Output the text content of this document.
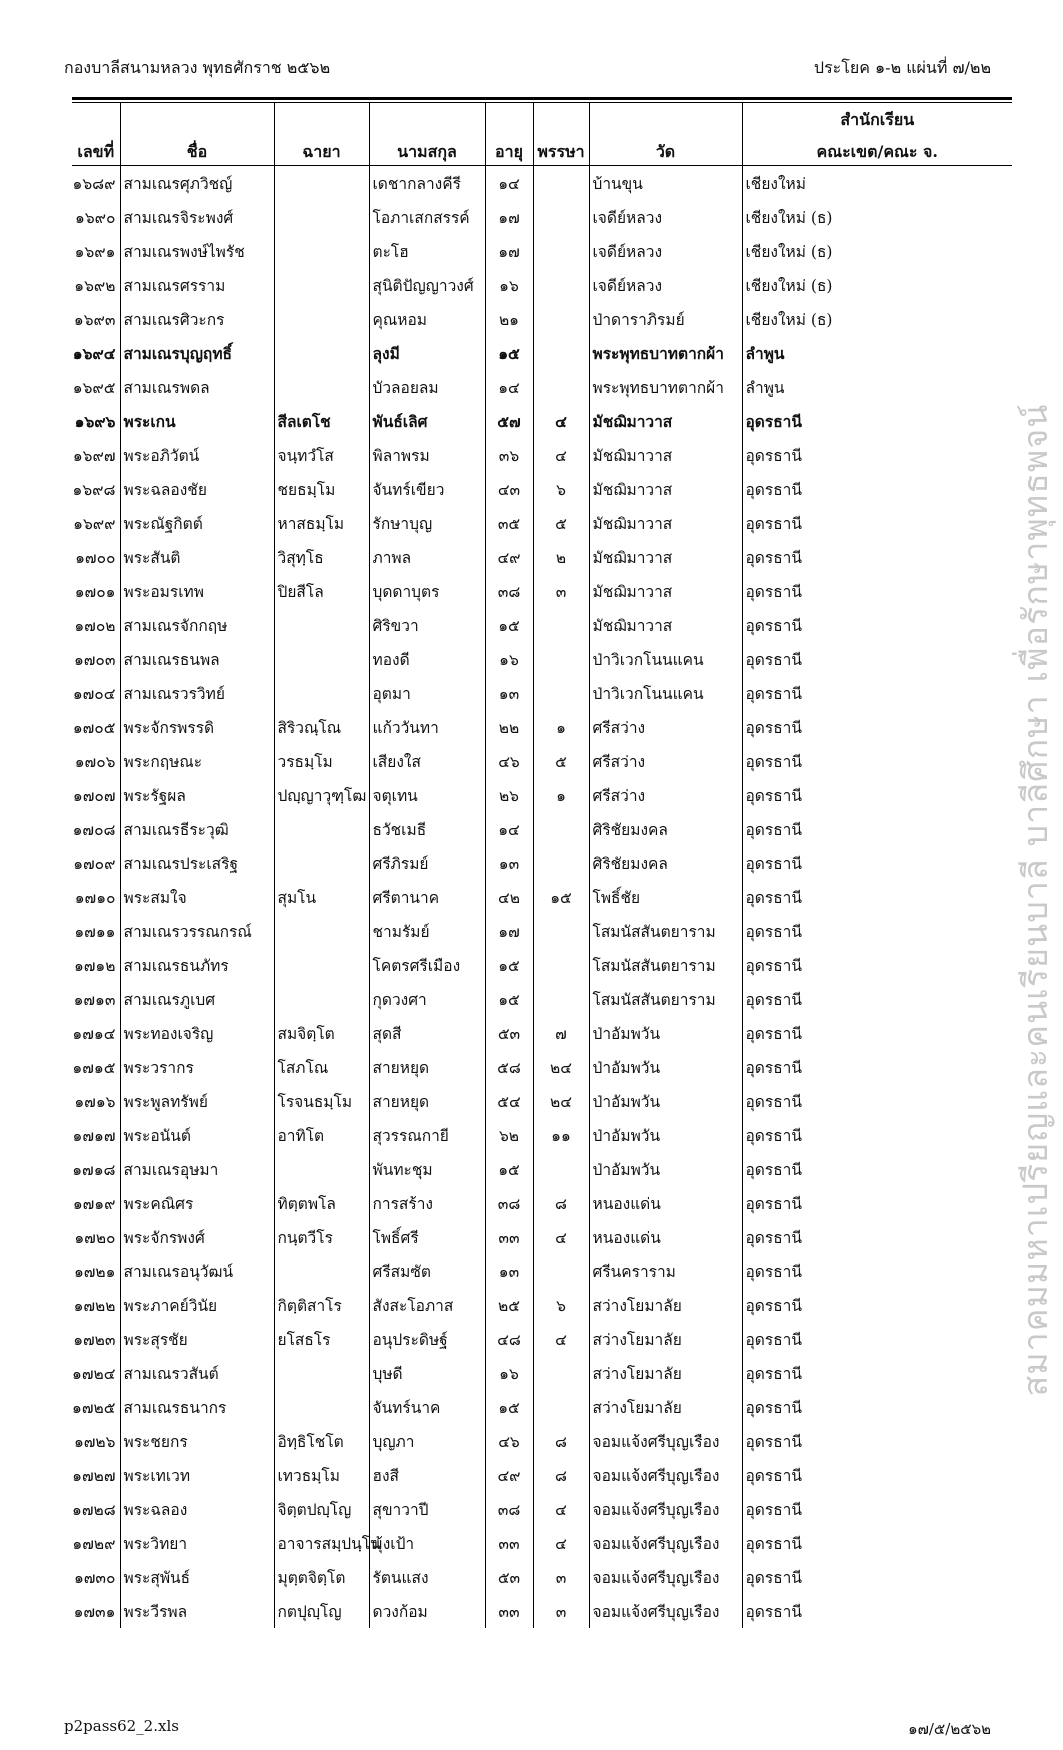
กองบาลีสนามหลวง พุทธศักราช ๒๕๖๒	ประโยค ๑-๒ แผ่นที่ ๗/๒๒
สมาคมมหาเปรียญและคนเรียนบาลี บาลีศึกษา เพื่อรักษาพุทธพจน์
							สำนักเรียน
เลขที่	ชื่อ	ฉายา	นามสกุล	อายุ	พรรษา	วัด	คณะเขต/คณะ จ.
๑๖๘๙	สามเณรศุภวิชญ์		เดชากลางคีรี	๑๔		บ้านขุน	เชียงใหม่
๑๖๙๐	สามเณรจิระพงศ์		โอภาเสกสรรค์	๑๗		เจดีย์หลวง	เชียงใหม่ (ธ)
๑๖๙๑	สามเณรพงษ์ไพรัช		ตะโฮ	๑๗		เจดีย์หลวง	เชียงใหม่ (ธ)
๑๖๙๒	สามเณรศรราม		สุนิติปัญญาวงศ์	๑๖		เจดีย์หลวง	เชียงใหม่ (ธ)
๑๖๙๓	สามเณรศิวะกร		คุณหอม	๒๑		ป่าดาราภิรมย์	เชียงใหม่ (ธ)
๑๖๙๔	สามเณรบุญฤทธิ์		ลุงมี	๑๕		พระพุทธบาทตากผ้า	ลำพูน
๑๖๙๕	สามเณรพดล		บัวลอยลม	๑๔		พระพุทธบาทตากผ้า	ลำพูน
๑๖๙๖	พระเกน	สีลเตโช	พันธ์เลิศ	๕๗	๔	มัชฌิมาวาส	อุดรธานี
๑๖๙๗	พระอภิวัตน์	จนฺทวํโส	พิลาพรม	๓๖	๔	มัชฌิมาวาส	อุดรธานี
๑๖๙๘	พระฉลองชัย	ชยธมฺโม	จันทร์เขียว	๔๓	๖	มัชฌิมาวาส	อุดรธานี
๑๖๙๙	พระณัฐกิตต์	หาสธมฺโม	รักษาบุญ	๓๕	๕	มัชฌิมาวาส	อุดรธานี
๑๗๐๐	พระสันติ	วิสุทฺโธ	ภาพล	๔๙	๒	มัชฌิมาวาส	อุดรธานี
๑๗๐๑	พระอมรเทพ	ปิยสีโล	บุดดาบุตร	๓๘	๓	มัชฌิมาวาส	อุดรธานี
๑๗๐๒	สามเณรจักกฤษ		ศิริขวา	๑๕		มัชฌิมาวาส	อุดรธานี
๑๗๐๓	สามเณรธนพล		ทองดี	๑๖		ป่าวิเวกโนนแคน	อุดรธานี
๑๗๐๔	สามเณรวรวิทย์		อุตมา	๑๓		ป่าวิเวกโนนแคน	อุดรธานี
๑๗๐๕	พระจักรพรรดิ	สิริวณฺโณ	แก้ววันทา	๒๒	๑	ศรีสว่าง	อุดรธานี
๑๗๐๖	พระกฤษณะ	วรธมฺโม	เสียงใส	๔๖	๕	ศรีสว่าง	อุดรธานี
๑๗๐๗	พระรัฐผล	ปญฺญาวุฑฺโฒ	จตุเทน	๒๖	๑	ศรีสว่าง	อุดรธานี
๑๗๐๘	สามเณรธีระวุฒิ		ธวัชเมธี	๑๔		ศิริชัยมงคล	อุดรธานี
๑๗๐๙	สามเณรประเสริฐ		ศรีภิรมย์	๑๓		ศิริชัยมงคล	อุดรธานี
๑๗๑๐	พระสมใจ	สุมโน	ศรีตานาค	๔๒	๑๕	โพธิ์ชัย	อุดรธานี
๑๗๑๑	สามเณรวรรณกรณ์		ชามรัมย์	๑๗		โสมนัสสันตยาราม	อุดรธานี
๑๗๑๒	สามเณรธนภัทร		โคตรศรีเมือง	๑๕		โสมนัสสันตยาราม	อุดรธานี
๑๗๑๓	สามเณรภูเบศ		กุดวงศา	๑๕		โสมนัสสันตยาราม	อุดรธานี
๑๗๑๔	พระทองเจริญ	สมจิตฺโต	สุดสี	๕๓	๗	ป่าอัมพวัน	อุดรธานี
๑๗๑๕	พระวรากร	โสภโณ	สายหยุด	๕๘	๒๔	ป่าอัมพวัน	อุดรธานี
๑๗๑๖	พระพูลทรัพย์	โรจนธมฺโม	สายหยุด	๕๔	๒๔	ป่าอัมพวัน	อุดรธานี
๑๗๑๗	พระอนันต์	อาทิโต	สุวรรณกายี	๖๒	๑๑	ป่าอัมพวัน	อุดรธานี
๑๗๑๘	สามเณรอุษมา		พันทะชุม	๑๕		ป่าอัมพวัน	อุดรธานี
๑๗๑๙	พระคณิศร	ทิตฺตพโล	การสร้าง	๓๘	๘	หนองแด่น	อุดรธานี
๑๗๒๐	พระจักรพงศ์	กนฺตวีโร	โพธิ์ศรี	๓๓	๔	หนองแด่น	อุดรธานี
๑๗๒๑	สามเณรอนุวัฒน์		ศรีสมซัต	๑๓		ศรีนคราราม	อุดรธานี
๑๗๒๒	พระภาคย์วินัย	กิตฺติสาโร	สังสะโอภาส	๒๕	๖	สว่างโยมาลัย	อุดรธานี
๑๗๒๓	พระสุรชัย	ยโสธโร	อนุประดิษฐ์	๔๘	๔	สว่างโยมาลัย	อุดรธานี
๑๗๒๔	สามเณรวสันต์		บุษดี	๑๖		สว่างโยมาลัย	อุดรธานี
๑๗๒๕	สามเณรธนากร		จันทร์นาค	๑๕		สว่างโยมาลัย	อุดรธานี
๑๗๒๖	พระชยกร	อิทฺธิโชโต	บุญภา	๔๖	๘	จอมแจ้งศรีบุญเรือง	อุดรธานี
๑๗๒๗	พระเทเวท	เทวธมฺโม	ฮงสี	๔๙	๘	จอมแจ้งศรีบุญเรือง	อุดรธานี
๑๗๒๘	พระฉลอง	จิตฺตปญฺโญ	สุขาวาปี	๓๘	๔	จอมแจ้งศรีบุญเรือง	อุดรธานี
๑๗๒๙	พระวิทยา	อาจารสมฺปนฺโน	มุ้งเป้า	๓๓	๔	จอมแจ้งศรีบุญเรือง	อุดรธานี
๑๗๓๐	พระสุพันธ์	มุตฺตจิตฺโต	รัตนแสง	๕๓	๓	จอมแจ้งศรีบุญเรือง	อุดรธานี
๑๗๓๑	พระวีรพล	กตปุญฺโญ	ดวงก้อม	๓๓	๓	จอมแจ้งศรีบุญเรือง	อุดรธานี
p2pass62_2.xls	๑๗/๕/๒๕๖๒
